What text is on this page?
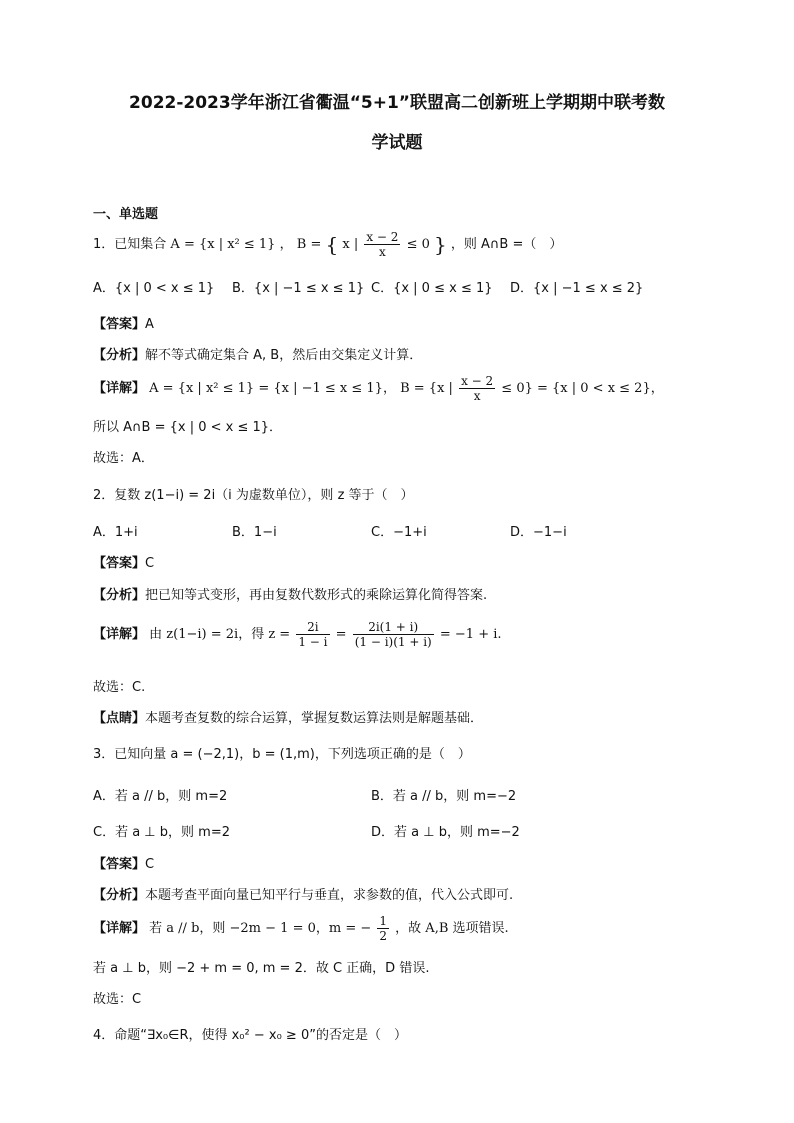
2022-2023学年浙江省衢温“5+1”联盟高二创新班上学期期中联考数
学试题
一、单选题
1．已知集合 A = {x | x² ≤ 1} ， B = { x | $\frac{x - 2}{x} \le 0$ } ，则 A∩B =（　）
A．{x | 0 < x ≤ 1} B．{x | −1 ≤ x ≤ 1} C．{x | 0 ≤ x ≤ 1} D．{x | −1 ≤ x ≤ 2}
【答案】A
【分析】解不等式确定集合 A, B，然后由交集定义计算．
【详解】 A = {x | x² ≤ 1} = {x | −1 ≤ x ≤ 1}， B = {x | $\frac{x - 2}{x} \le 0\} = \{x$ | 0 < x ≤ 2}，
所以 A∩B = {x | 0 < x ≤ 1}．
故选：A．
2．复数 z(1−i) = 2i（i 为虚数单位），则 z 等于（　）
A．1+i	B．1−i	C．−1+i	D．−1−i
【答案】C
【分析】把已知等式变形，再由复数代数形式的乘除运算化简得答案.
【详解】 由 z(1−i) = 2i，得 $z = \frac{2i}{1 - i} = \frac{2i(1 + i)}{(1 - i)(1 + i)} = -1 + i$.
故选：C.
【点睛】本题考查复数的综合运算，掌握复数运算法则是解题基础．
3．已知向量 a = (−2,1)，b = (1,m)，下列选项正确的是（　）
A．若 a // b，则 m=2	B．若 a // b，则 m=−2
C．若 a ⊥ b，则 m=2	D．若 a ⊥ b，则 m=−2
【答案】C
【分析】本题考查平面向量已知平行与垂直，求参数的值，代入公式即可.
【详解】 若 a // b，则 −2m − 1 = 0，m = − $\frac{1}{2}$ ，故 A,B 选项错误.
若 a ⊥ b，则 −2 + m = 0, m = 2．故 C 正确，D 错误.
故选：C
4．命题“∃x₀∈R，使得 x₀² − x₀ ≥ 0”的否定是（　）
